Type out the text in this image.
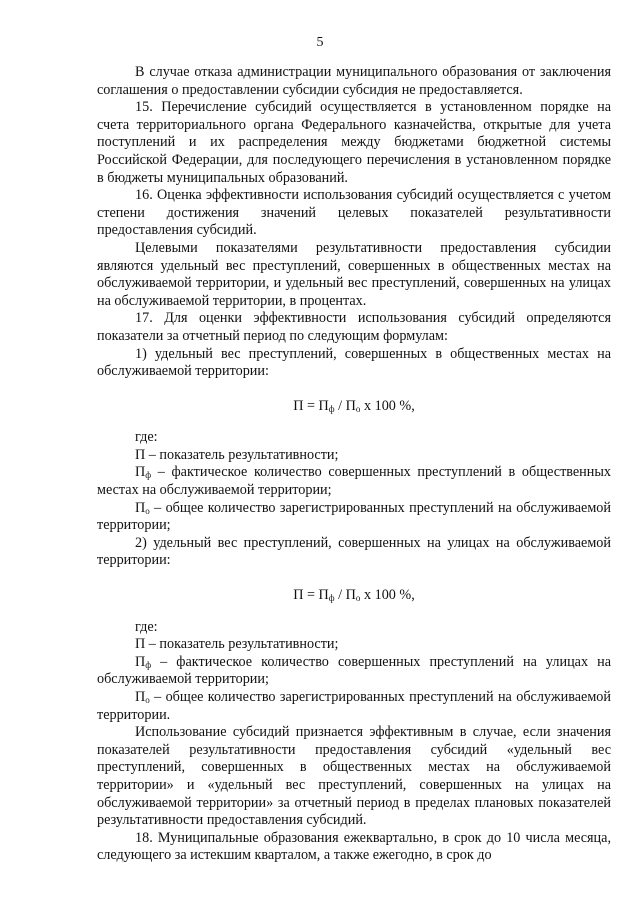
5

В случае отказа администрации муниципального образования от заключения соглашения о предоставлении субсидии субсидия не предоставляется.

15. Перечисление субсидий осуществляется в установленном порядке на счета территориального органа Федерального казначейства, открытые для учета поступлений и их распределения между бюджетами бюджетной системы Российской Федерации, для последующего перечисления в установленном порядке в бюджеты муниципальных образований.

16. Оценка эффективности использования субсидий осуществляется с учетом степени достижения значений целевых показателей результативности предоставления субсидий.

Целевыми показателями результативности предоставления субсидии являются удельный вес преступлений, совершенных в общественных местах на обслуживаемой территории, и удельный вес преступлений, совершенных на улицах на обслуживаемой территории, в процентах.

17. Для оценки эффективности использования субсидий определяются показатели за отчетный период по следующим формулам:

1) удельный вес преступлений, совершенных в общественных местах на обслуживаемой территории:

$П = П_ф / П_о$ х 100 %,

где:

П – показатель результативности;

$П_ф$ – фактическое количество совершенных преступлений в общественных местах на обслуживаемой территории;

$П_о$ – общее количество зарегистрированных преступлений на обслуживаемой территории;

2) удельный вес преступлений, совершенных на улицах на обслуживаемой территории:

$П = П_ф / П_о$ х 100 %,

где:

П – показатель результативности;

$П_ф$ – фактическое количество совершенных преступлений на улицах на обслуживаемой территории;

$П_о$ – общее количество зарегистрированных преступлений на обслуживаемой территории.

Использование субсидий признается эффективным в случае, если значения показателей результативности предоставления субсидий «удельный вес преступлений, совершенных в общественных местах на обслуживаемой территории» и «удельный вес преступлений, совершенных на улицах на обслуживаемой территории» за отчетный период в пределах плановых показателей результативности предоставления субсидий.

18. Муниципальные образования ежеквартально, в срок до 10 числа месяца, следующего за истекшим кварталом, а также ежегодно, в срок до
